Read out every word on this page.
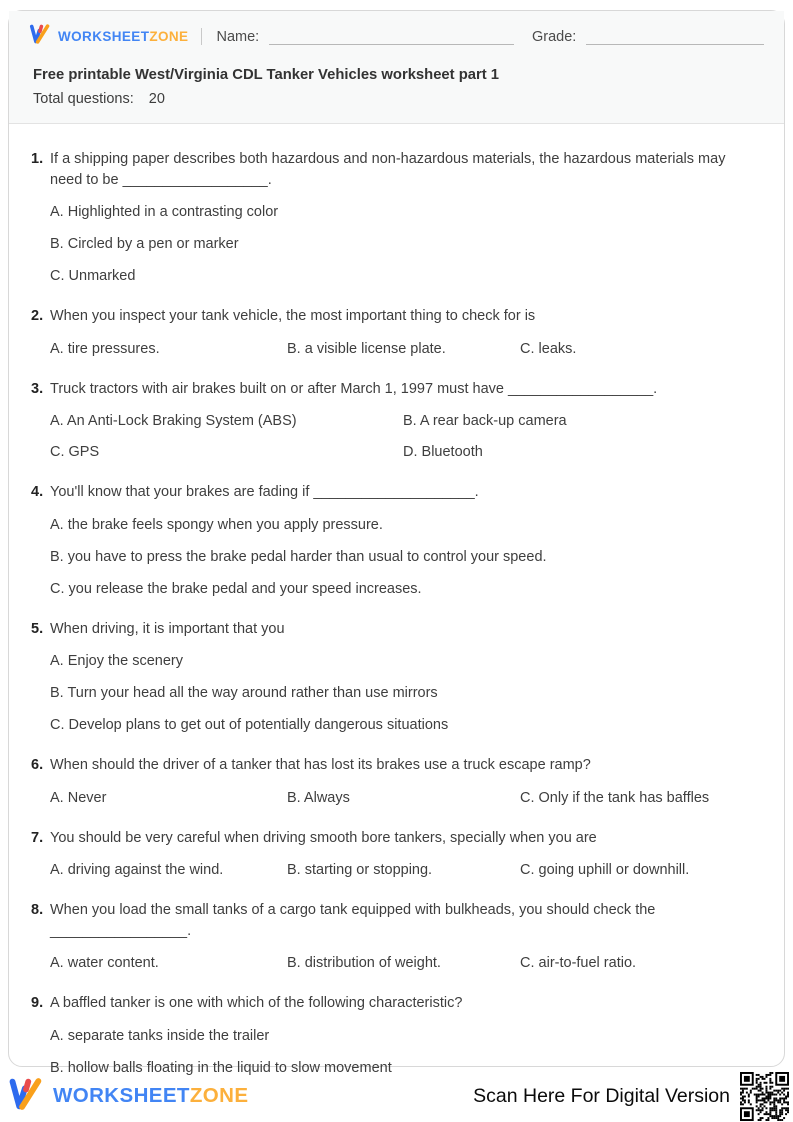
WORKSHEETZONE Name:	Grade:
Free printable West/Virginia CDL Tanker Vehicles worksheet part 1
Total questions: 20
1. If a shipping paper describes both hazardous and non-hazardous materials, the hazardous materials may need to be __________________.

A. Highlighted in a contrasting color
B. Circled by a pen or marker
C. Unmarked
2. When you inspect your tank vehicle, the most important thing to check for is

A. tire pressures.	B. a visible license plate.	C. leaks.
3. Truck tractors with air brakes built on or after March 1, 1997 must have __________________.

A. An Anti-Lock Braking System (ABS)	B. A rear back-up camera
C. GPS	D. Bluetooth
4. You'll know that your brakes are fading if ____________________.

A. the brake feels spongy when you apply pressure.
B. you have to press the brake pedal harder than usual to control your speed.
C. you release the brake pedal and your speed increases.
5. When driving, it is important that you

A. Enjoy the scenery
B. Turn your head all the way around rather than use mirrors
C. Develop plans to get out of potentially dangerous situations
6. When should the driver of a tanker that has lost its brakes use a truck escape ramp?

A. Never	B. Always	C. Only if the tank has baffles
7. You should be very careful when driving smooth bore tankers, specially when you are

A. driving against the wind.	B. starting or stopping.	C. going uphill or downhill.
8. When you load the small tanks of a cargo tank equipped with bulkheads, you should check the _________________.

A. water content.	B. distribution of weight.	C. air-to-fuel ratio.
9. A baffled tanker is one with which of the following characteristic?

A. separate tanks inside the trailer
B. hollow balls floating in the liquid to slow movement
WORKSHEETZONE	Scan Here For Digital Version
